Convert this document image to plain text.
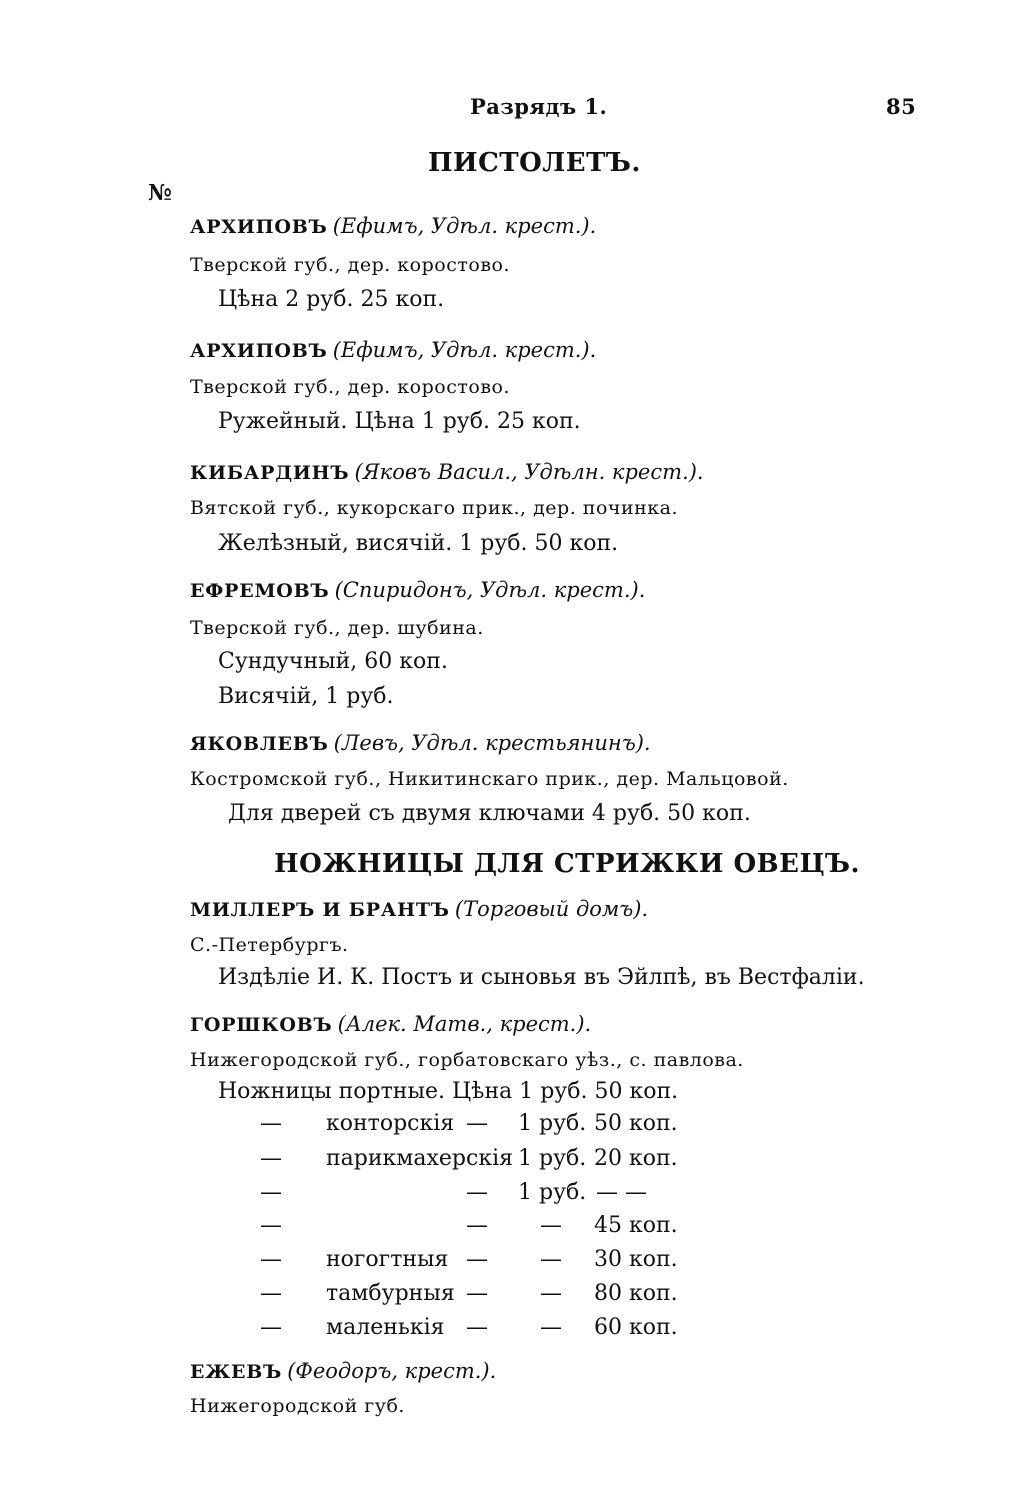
Разрядъ 1.	85
ПИСТОЛЕТЪ.
№
АРХИПОВЪ (Ефимъ, Удѣл. крест.).
Тверской губ., дер. коростово.
Цѣна 2 руб. 25 коп.
АРХИПОВЪ (Ефимъ, Удѣл. крест.).
Тверской губ., дер. коростово.
Ружейный. Цѣна 1 руб. 25 коп.
КИБАРДИНЪ (Яковъ Васил., Удѣлн. крест.).
Вятской губ., кукорскаго прик., дер. починка.
Желѣзный, висячій. 1 руб. 50 коп.
ЕФРЕМОВЪ (Спиридонъ, Удѣл. крест.).
Тверской губ., дер. шубина.
Сундучный, 60 коп.
Висячій, 1 руб.
ЯКОВЛЕВЪ (Левъ, Удѣл. крестьянинъ).
Костромской губ., Никитинскаго прик., дер. Мальцовой.
Для дверей съ двумя ключами 4 руб. 50 коп.
НОЖНИЦЫ ДЛЯ СТРИЖКИ ОВЕЦЪ.
МИЛЛЕРЪ И БРАНТЪ (Торговый домъ).
С.-Петербургъ.
Издѣліе И. К. Постъ и сыновья въ Эйлпѣ, въ Вестфаліи.
ГОРШКОВЪ (Алек. Матв., крест.).
Нижегородской губ., горбатовскаго уѣз., с. павлова.
Ножницы портные. Цѣна 1 руб. 50 коп.
— конторскія — 1 руб. 50 коп.
— парикмахерскія 1 руб. 20 коп.
—	— 1 руб. — —
—	— — 45 коп.
— ногогтныя — — 30 коп.
— тамбурныя — — 80 коп.
— маленькія — — 60 коп.
ЕЖЕВЪ (Феодоръ, крест.).
Нижегородской губ.
